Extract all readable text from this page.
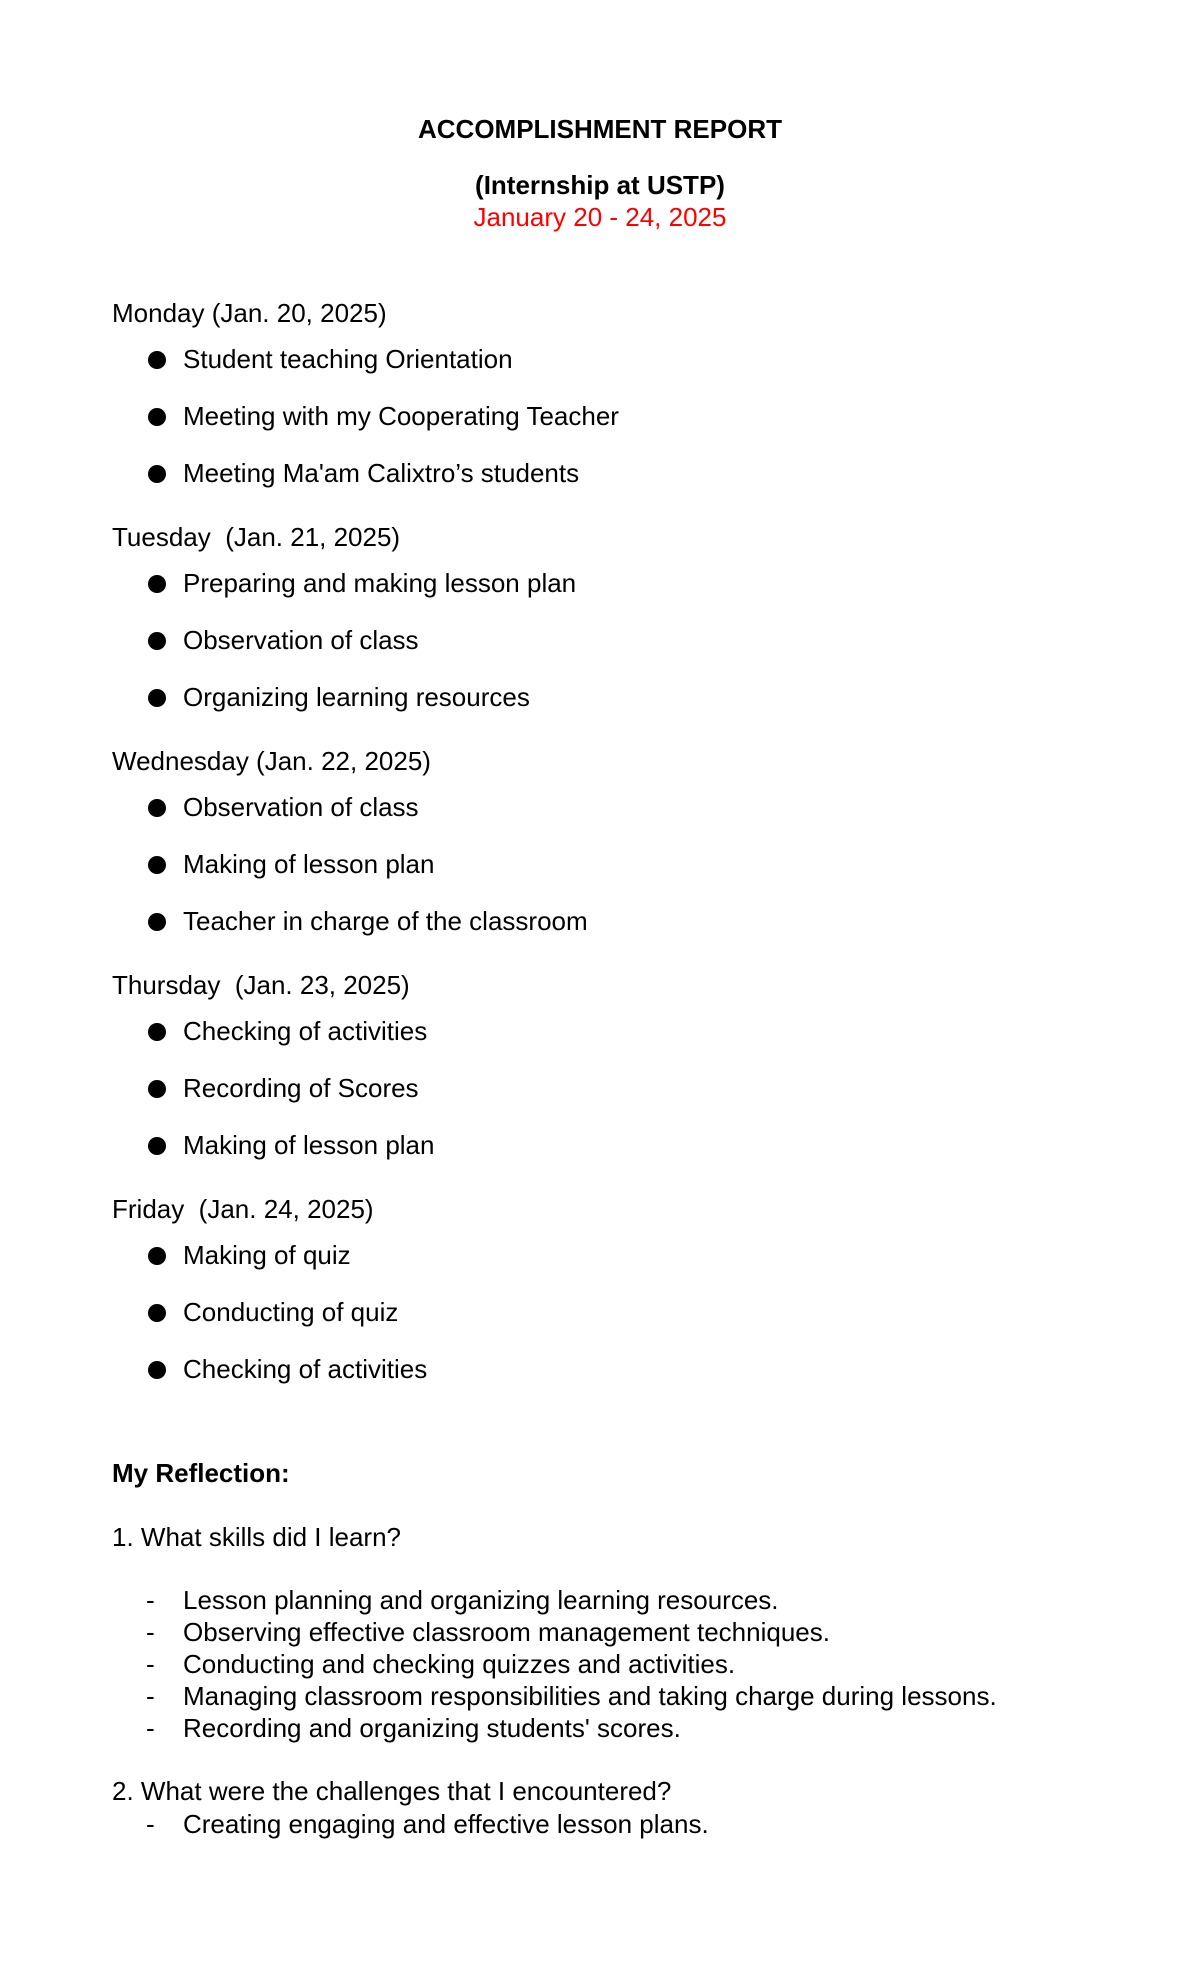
ACCOMPLISHMENT REPORT
(Internship at USTP)
January 20 - 24, 2025
Monday (Jan. 20, 2025)
Student teaching Orientation
Meeting with my Cooperating Teacher
Meeting Ma'am Calixtro’s students
Tuesday  (Jan. 21, 2025)
Preparing and making lesson plan
Observation of class
Organizing learning resources
Wednesday (Jan. 22, 2025)
Observation of class
Making of lesson plan
Teacher in charge of the classroom
Thursday  (Jan. 23, 2025)
Checking of activities
Recording of Scores
Making of lesson plan
Friday  (Jan. 24, 2025)
Making of quiz
Conducting of quiz
Checking of activities
My Reflection:
1. What skills did I learn?
- Lesson planning and organizing learning resources.
- Observing effective classroom management techniques.
- Conducting and checking quizzes and activities.
- Managing classroom responsibilities and taking charge during lessons.
- Recording and organizing students' scores.
2. What were the challenges that I encountered?
- Creating engaging and effective lesson plans.
